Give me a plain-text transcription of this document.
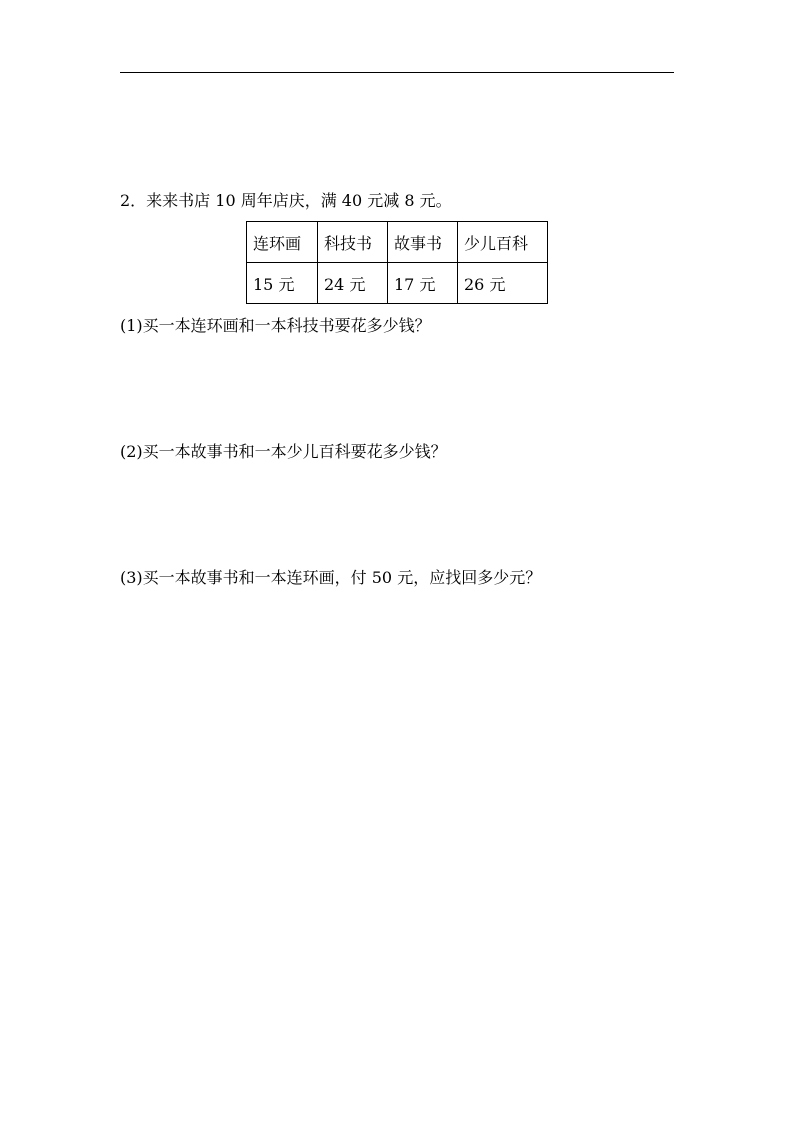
2．来来书店 10 周年店庆，满 40 元减 8 元。
连环画	科技书	故事书	少儿百科
15 元	24 元	17 元	26 元
(1)买一本连环画和一本科技书要花多少钱？
(2)买一本故事书和一本少儿百科要花多少钱？
(3)买一本故事书和一本连环画，付 50 元，应找回多少元？
